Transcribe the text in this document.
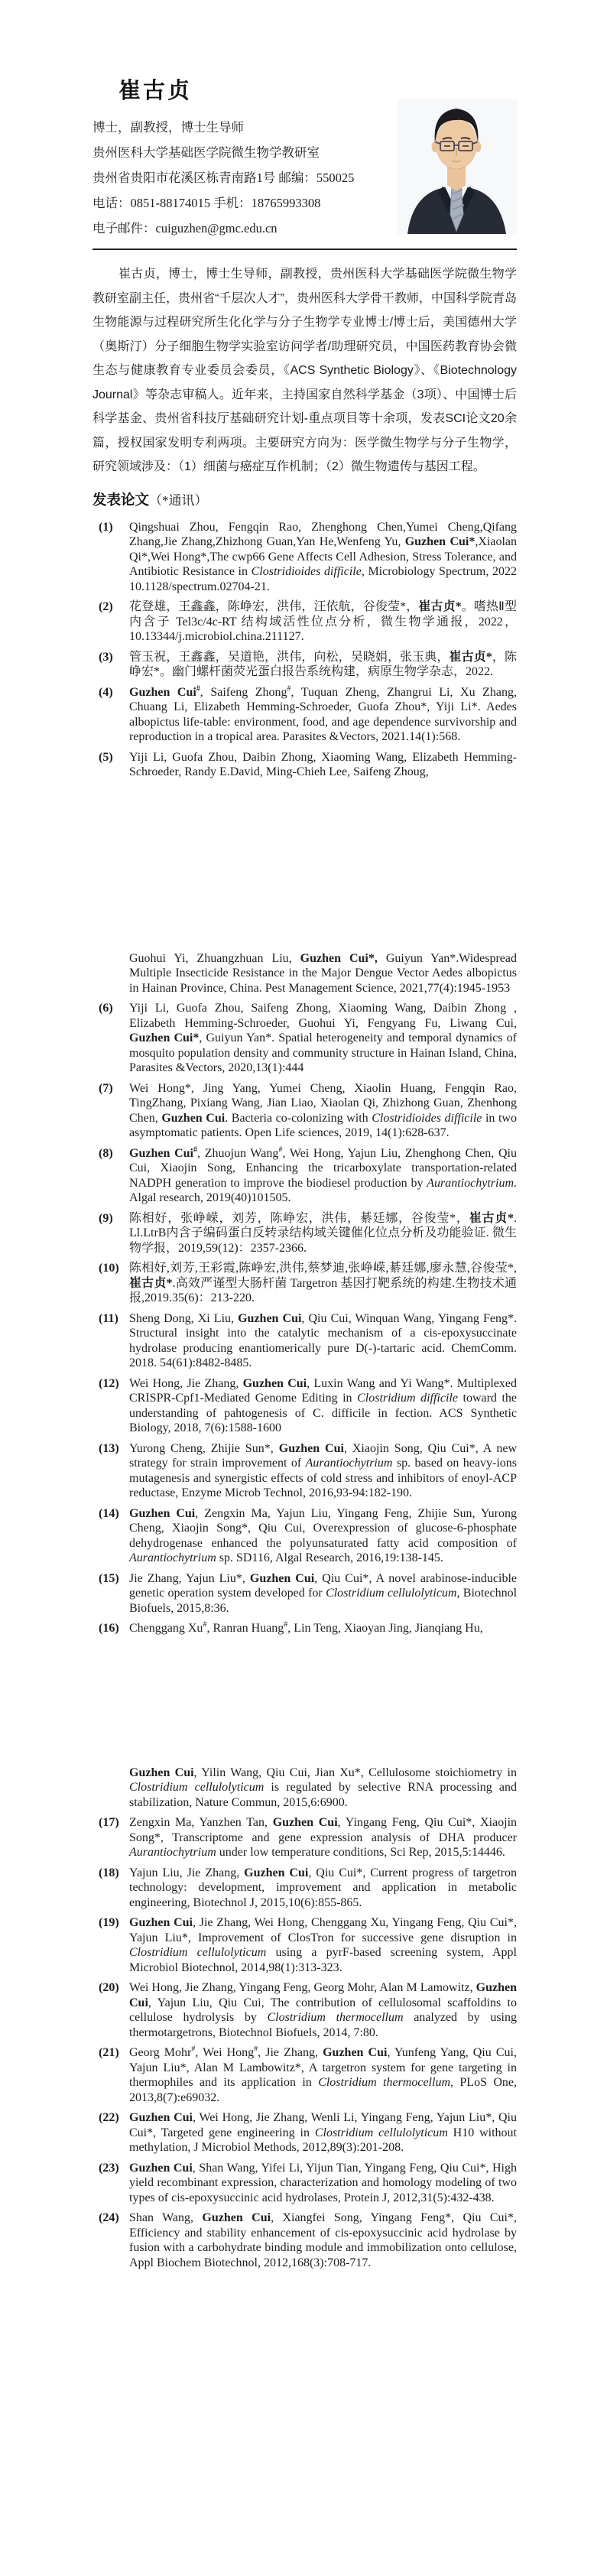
崔古贞
博士，副教授，博士生导师
贵州医科大学基础医学院微生物学教研室
贵州省贵阳市花溪区栋青南路1号 邮编：550025
电话：0851-88174015 手机：18765993308
电子邮件：cuiguzhen@gmc.edu.cn

崔古贞，博士，博士生导师，副教授，贵州医科大学基础医学院微生物学教研室副主任，贵州省“千层次人才”，贵州医科大学骨干教师，中国科学院青岛生物能源与过程研究所生化化学与分子生物学专业博士/博士后，美国德州大学（奥斯汀）分子细胞生物学实验室访问学者/助理研究员，中国医药教育协会微生态与健康教育专业委员会委员，《ACS Synthetic Biology》、《Biotechnology Journal》等杂志审稿人。近年来，主持国家自然科学基金（3项）、中国博士后科学基金、贵州省科技厅基础研究计划-重点项目等十余项，发表SCI论文20余篇，授权国家发明专利两项。主要研究方向为：医学微生物学与分子生物学，研究领域涉及：（1）细菌与癌症互作机制；（2）微生物遗传与基因工程。

发表论文（*通讯）
(1)	Qingshuai Zhou, Fengqin Rao, Zhenghong Chen,Yumei Cheng,Qifang Zhang,Jie Zhang,Zhizhong Guan,Yan He,Wenfeng Yu, Guzhen Cui*,Xiaolan Qi*,Wei Hong*,The cwp66 Gene Affects Cell Adhesion, Stress Tolerance, and Antibiotic Resistance in Clostridioides difficile, Microbiology Spectrum, 2022 10.1128/spectrum.02704-21.
(2)	花登雄，王鑫鑫，陈峥宏，洪伟，汪依航，谷俊莹*，崔古贞*。嗜热Ⅱ型内含子 Tel3c/4c-RT 结构域活性位点分析，微生物学通报，2022，10.13344/j.microbiol.china.211127.
(3)	管玉祝，王鑫鑫，吴道艳，洪伟，向松，吴晓娟，张玉典，崔古贞*，陈峥宏*。幽门螺杆菌荧光蛋白报告系统构建，病原生物学杂志，2022.
(4)	Guzhen Cui#, Saifeng Zhong#, Tuquan Zheng, Zhangrui Li, Xu Zhang, Chuang Li, Elizabeth Hemming-Schroeder, Guofa Zhou*, Yiji Li*. Aedes albopictus life-table: environment, food, and age dependence survivorship and reproduction in a tropical area. Parasites &Vectors, 2021.14(1):568.
(5)	Yiji Li, Guofa Zhou, Daibin Zhong, Xiaoming Wang, Elizabeth Hemming-Schroeder, Randy E.David, Ming-Chieh Lee, Saifeng Zhoug,
Guohui Yi, Zhuangzhuan Liu, Guzhen Cui*, Guiyun Yan*.Widespread Multiple Insecticide Resistance in the Major Dengue Vector Aedes albopictus in Hainan Province, China. Pest Management Science, 2021,77(4):1945-1953
(6)	Yiji Li, Guofa Zhou, Saifeng Zhong, Xiaoming Wang, Daibin Zhong , Elizabeth Hemming-Schroeder, Guohui Yi, Fengyang Fu, Liwang Cui, Guzhen Cui*, Guiyun Yan*. Spatial heterogeneity and temporal dynamics of mosquito population density and community structure in Hainan Island, China, Parasites &Vectors, 2020,13(1):444
(7)	Wei Hong*, Jing Yang, Yumei Cheng, Xiaolin Huang, Fengqin Rao, TingZhang, Pixiang Wang, Jian Liao, Xiaolan Qi, Zhizhong Guan, Zhenhong Chen, Guzhen Cui. Bacteria co-colonizing with Clostridioides difficile in two asymptomatic patients. Open Life sciences, 2019, 14(1):628-637.
(8)	Guzhen Cui#, Zhuojun Wang#, Wei Hong, Yajun Liu, Zhenghong Chen, Qiu Cui, Xiaojin Song, Enhancing the tricarboxylate transportation-related NADPH generation to improve the biodiesel production by Aurantiochytrium. Algal research, 2019(40)101505.
(9)	陈相好，张峥嵘，刘芳，陈峥宏，洪伟，綦廷娜，谷俊莹*，崔古贞*. Ll.LtrB内含子编码蛋白反转录结构域关键催化位点分析及功能验证. 微生物学报，2019,59(12)：2357-2366.
(10) 陈相好,刘芳,王彩霞,陈峥宏,洪伟,蔡梦迪,张峥嵘,綦廷娜,廖永慧,谷俊莹*,崔古贞*.高效严谨型大肠杆菌 Targetron 基因打靶系统的构建.生物技术通报,2019.35(6)：213-220.
(11) Sheng Dong, Xi Liu, Guzhen Cui, Qiu Cui, Winquan Wang, Yingang Feng*. Structural insight into the catalytic mechanism of a cis-epoxysuccinate hydrolase producing enantiomerically pure D(-)-tartaric acid. ChemComm. 2018. 54(61):8482-8485.
(12) Wei Hong, Jie Zhang, Guzhen Cui, Luxin Wang and Yi Wang*. Multiplexed CRISPR-Cpf1-Mediated Genome Editing in Clostridium difficile toward the understanding of pahtogenesis of C. difficile in fection. ACS Synthetic Biology, 2018, 7(6):1588-1600
(13) Yurong Cheng, Zhijie Sun*, Guzhen Cui, Xiaojin Song, Qiu Cui*, A new strategy for strain improvement of Aurantiochytrium sp. based on heavy-ions mutagenesis and synergistic effects of cold stress and inhibitors of enoyl-ACP reductase, Enzyme Microb Technol, 2016,93-94:182-190.
(14) Guzhen Cui, Zengxin Ma, Yajun Liu, Yingang Feng, Zhijie Sun, Yurong Cheng, Xiaojin Song*, Qiu Cui, Overexpression of glucose-6-phosphate dehydrogenase enhanced the polyunsaturated fatty acid composition of Aurantiochytrium sp. SD116, Algal Research, 2016,19:138-145.
(15) Jie Zhang, Yajun Liu*, Guzhen Cui, Qiu Cui*, A novel arabinose-inducible genetic operation system developed for Clostridium cellulolyticum, Biotechnol Biofuels, 2015,8:36.
(16) Chenggang Xu#, Ranran Huang#, Lin Teng, Xiaoyan Jing, Jianqiang Hu,
Guzhen Cui, Yilin Wang, Qiu Cui, Jian Xu*, Cellulosome stoichiometry in Clostridium cellulolyticum is regulated by selective RNA processing and stabilization, Nature Commun, 2015,6:6900.
(17) Zengxin Ma, Yanzhen Tan, Guzhen Cui, Yingang Feng, Qiu Cui*, Xiaojin Song*, Transcriptome and gene expression analysis of DHA producer Aurantiochytrium under low temperature conditions, Sci Rep, 2015,5:14446.
(18) Yajun Liu, Jie Zhang, Guzhen Cui, Qiu Cui*, Current progress of targetron technology: development, improvement and application in metabolic engineering, Biotechnol J, 2015,10(6):855-865.
(19) Guzhen Cui, Jie Zhang, Wei Hong, Chenggang Xu, Yingang Feng, Qiu Cui*, Yajun Liu*, Improvement of ClosTron for successive gene disruption in Clostridium cellulolyticum using a pyrF-based screening system, Appl Microbiol Biotechnol, 2014,98(1):313-323.
(20) Wei Hong, Jie Zhang, Yingang Feng, Georg Mohr, Alan M Lamowitz, Guzhen Cui, Yajun Liu, Qiu Cui, The contribution of cellulosomal scaffoldins to cellulose hydrolysis by Clostridium thermocellum analyzed by using thermotargetrons, Biotechnol Biofuels, 2014, 7:80.
(21) Georg Mohr#, Wei Hong#, Jie Zhang, Guzhen Cui, Yunfeng Yang, Qiu Cui, Yajun Liu*, Alan M Lambowitz*, A targetron system for gene targeting in thermophiles and its application in Clostridium thermocellum, PLoS One, 2013,8(7):e69032.
(22) Guzhen Cui, Wei Hong, Jie Zhang, Wenli Li, Yingang Feng, Yajun Liu*, Qiu Cui*, Targeted gene engineering in Clostridium cellulolyticum H10 without methylation, J Microbiol Methods, 2012,89(3):201-208.
(23) Guzhen Cui, Shan Wang, Yifei Li, Yijun Tian, Yingang Feng, Qiu Cui*, High yield recombinant expression, characterization and homology modeling of two types of cis-epoxysuccinic acid hydrolases, Protein J, 2012,31(5):432-438.
(24) Shan Wang, Guzhen Cui, Xiangfei Song, Yingang Feng*, Qiu Cui*, Efficiency and stability enhancement of cis-epoxysuccinic acid hydrolase by fusion with a carbohydrate binding module and immobilization onto cellulose, Appl Biochem Biotechnol, 2012,168(3):708-717.
